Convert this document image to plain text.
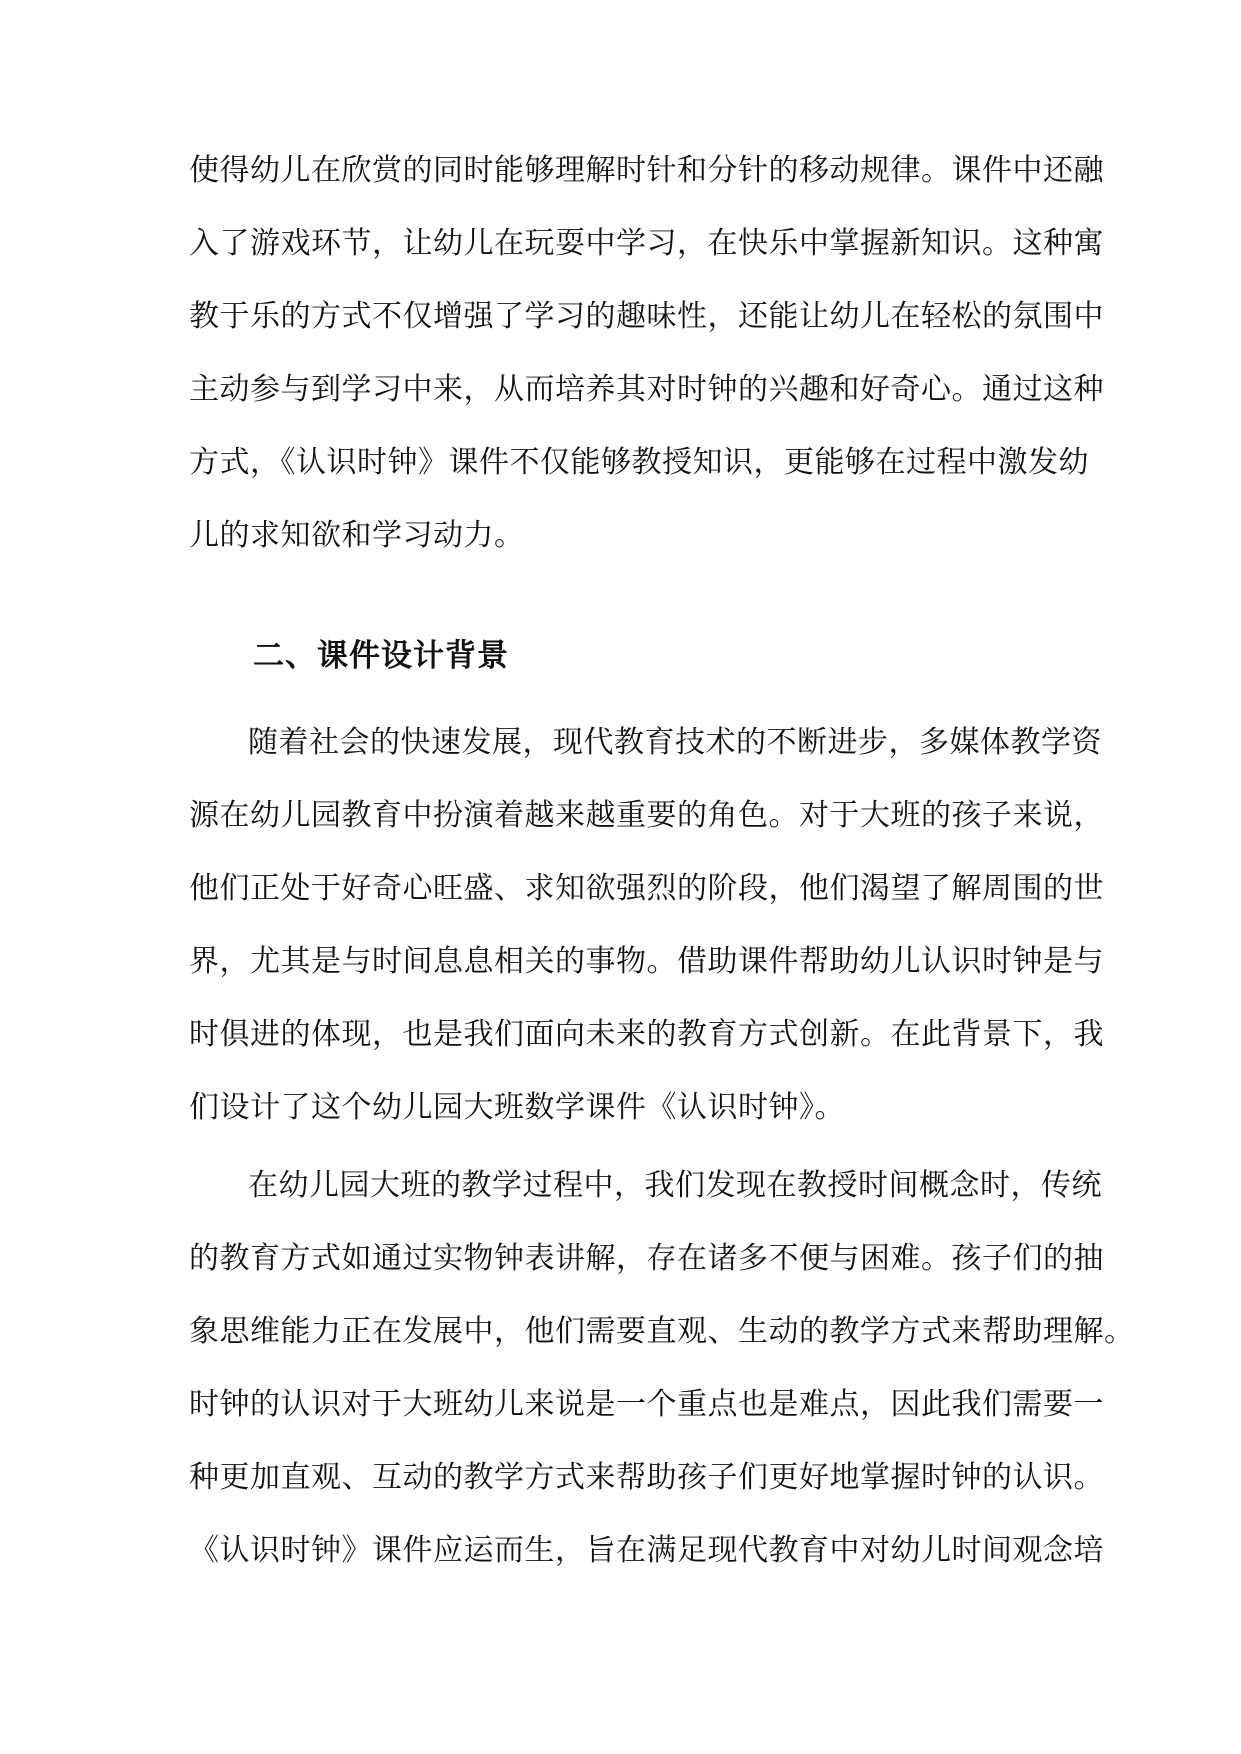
使得幼儿在欣赏的同时能够理解时针和分针的移动规律。课件中还融
入了游戏环节，让幼儿在玩耍中学习，在快乐中掌握新知识。这种寓
教于乐的方式不仅增强了学习的趣味性，还能让幼儿在轻松的氛围中
主动参与到学习中来，从而培养其对时钟的兴趣和好奇心。通过这种
方式，《认识时钟》课件不仅能够教授知识，更能够在过程中激发幼
儿的求知欲和学习动力。
二、课件设计背景
随着社会的快速发展，现代教育技术的不断进步，多媒体教学资
源在幼儿园教育中扮演着越来越重要的角色。对于大班的孩子来说，
他们正处于好奇心旺盛、求知欲强烈的阶段，他们渴望了解周围的世
界，尤其是与时间息息相关的事物。借助课件帮助幼儿认识时钟是与
时俱进的体现，也是我们面向未来的教育方式创新。在此背景下，我
们设计了这个幼儿园大班数学课件《认识时钟》。
在幼儿园大班的教学过程中，我们发现在教授时间概念时，传统
的教育方式如通过实物钟表讲解，存在诸多不便与困难。孩子们的抽
象思维能力正在发展中，他们需要直观、生动的教学方式来帮助理解。
时钟的认识对于大班幼儿来说是一个重点也是难点，因此我们需要一
种更加直观、互动的教学方式来帮助孩子们更好地掌握时钟的认识。
《认识时钟》课件应运而生，旨在满足现代教育中对幼儿时间观念培
